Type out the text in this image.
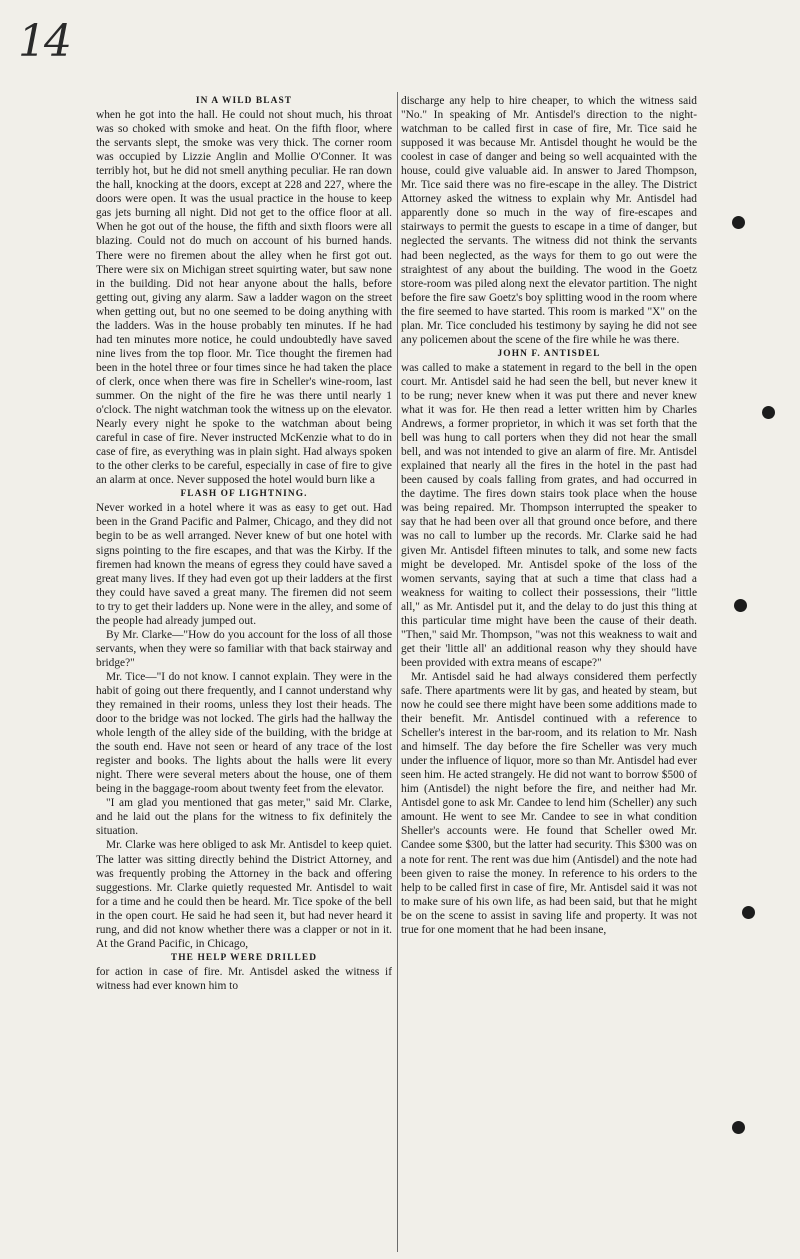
14
IN A WILD BLAST

when he got into the hall. He could not shout much, his throat was so choked with smoke and heat. On the fifth floor, where the servants slept, the smoke was very thick. The corner room was occupied by Lizzie Anglin and Mollie O'Conner. It was terribly hot, but he did not smell anything peculiar. He ran down the hall, knocking at the doors, except at 228 and 227, where the doors were open. It was the usual practice in the house to keep gas jets burning all night. Did not get to the office floor at all. When he got out of the house, the fifth and sixth floors were all blazing. Could not do much on account of his burned hands. There were no firemen about the alley when he first got out. There were six on Michigan street squirting water, but saw none in the building. Did not hear anyone about the halls, before getting out, giving any alarm. Saw a ladder wagon on the street when getting out, but no one seemed to be doing anything with the ladders. Was in the house probably ten minutes. If he had had ten minutes more notice, he could undoubtedly have saved nine lives from the top floor. Mr. Tice thought the firemen had been in the hotel three or four times since he had taken the place of clerk, once when there was fire in Scheller's wine-room, last summer. On the night of the fire he was there until nearly 1 o'clock. The night watchman took the witness up on the elevator. Nearly every night he spoke to the watchman about being careful in case of fire. Never instructed McKenzie what to do in case of fire, as everything was in plain sight. Had always spoken to the other clerks to be careful, especially in case of fire to give an alarm at once. Never supposed the hotel would burn like a

FLASH OF LIGHTNING.

Never worked in a hotel where it was as easy to get out. Had been in the Grand Pacific and Palmer, Chicago, and they did not begin to be as well arranged. Never knew of but one hotel with signs pointing to the fire escapes, and that was the Kirby. If the firemen had known the means of egress they could have saved a great many lives. If they had even got up their ladders at the first they could have saved a great many. The firemen did not seem to try to get their ladders up. None were in the alley, and some of the people had already jumped out.

By Mr. Clarke—"How do you account for the loss of all those servants, when they were so familiar with that back stairway and bridge?"

Mr. Tice—"I do not know. I cannot explain. They were in the habit of going out there frequently, and I cannot understand why they remained in their rooms, unless they lost their heads. The door to the bridge was not locked. The girls had the hallway the whole length of the alley side of the building, with the bridge at the south end. Have not seen or heard of any trace of the lost register and books. The lights about the halls were lit every night. There were several meters about the house, one of them being in the baggage-room about twenty feet from the elevator.

"I am glad you mentioned that gas meter," said Mr. Clarke, and he laid out the plans for the witness to fix definitely the situation.

Mr. Clarke was here obliged to ask Mr. Antisdel to keep quiet. The latter was sitting directly behind the District Attorney, and was frequently probing the Attorney in the back and offering suggestions. Mr. Clarke quietly requested Mr. Antisdel to wait for a time and he could then be heard. Mr. Tice spoke of the bell in the open court. He said he had seen it, but had never heard it rung, and did not know whether there was a clapper or not in it. At the Grand Pacific, in Chicago,

THE HELP WERE DRILLED

for action in case of fire. Mr. Antisdel asked the witness if witness had ever known him to

discharge any help to hire cheaper, to which the witness said "No." In speaking of Mr. Antisdel's direction to the night-watchman to be called first in case of fire, Mr. Tice said he supposed it was because Mr. Antisdel thought he would be the coolest in case of danger and being so well acquainted with the house, could give valuable aid. In answer to Jared Thompson, Mr. Tice said there was no fire-escape in the alley. The District Attorney asked the witness to explain why Mr. Antisdel had apparently done so much in the way of fire-escapes and stairways to permit the guests to escape in a time of danger, but neglected the servants. The witness did not think the servants had been neglected, as the ways for them to go out were the straightest of any about the building. The wood in the Goetz store-room was piled along next the elevator partition. The night before the fire saw Goetz's boy splitting wood in the room where the fire seemed to have started. This room is marked "X" on the plan. Mr. Tice concluded his testimony by saying he did not see any policemen about the scene of the fire while he was there.

JOHN F. ANTISDEL

was called to make a statement in regard to the bell in the open court. Mr. Antisdel said he had seen the bell, but never knew it to be rung; never knew when it was put there and never knew what it was for. He then read a letter written him by Charles Andrews, a former proprietor, in which it was set forth that the bell was hung to call porters when they did not hear the small bell, and was not intended to give an alarm of fire. Mr. Antisdel explained that nearly all the fires in the hotel in the past had been caused by coals falling from grates, and had occurred in the daytime. The fires down stairs took place when the house was being repaired. Mr. Thompson interrupted the speaker to say that he had been over all that ground once before, and there was no call to lumber up the records. Mr. Clarke said he had given Mr. Antisdel fifteen minutes to talk, and some new facts might be developed. Mr. Antisdel spoke of the loss of the women servants, saying that at such a time that class had a weakness for waiting to collect their possessions, their "little all," as Mr. Antisdel put it, and the delay to do just this thing at this particular time might have been the cause of their death. "Then," said Mr. Thompson, "was not this weakness to wait and get their 'little all' an additional reason why they should have been provided with extra means of escape?"

Mr. Antisdel said he had always considered them perfectly safe. There apartments were lit by gas, and heated by steam, but now he could see there might have been some additions made to their benefit. Mr. Antisdel continued with a reference to Scheller's interest in the bar-room, and its relation to Mr. Nash and himself. The day before the fire Scheller was very much under the influence of liquor, more so than Mr. Antisdel had ever seen him. He acted strangely. He did not want to borrow $500 of him (Antisdel) the night before the fire, and neither had Mr. Antisdel gone to ask Mr. Candee to lend him (Scheller) any such amount. He went to see Mr. Candee to see in what condition Sheller's accounts were. He found that Scheller owed Mr. Candee some $300, but the latter had security. This $300 was on a note for rent. The rent was due him (Antisdel) and the note had been given to raise the money. In reference to his orders to the help to be called first in case of fire, Mr. Antisdel said it was not to make sure of his own life, as had been said, but that he might be on the scene to assist in saving life and property. It was not true for one moment that he had been insane,
